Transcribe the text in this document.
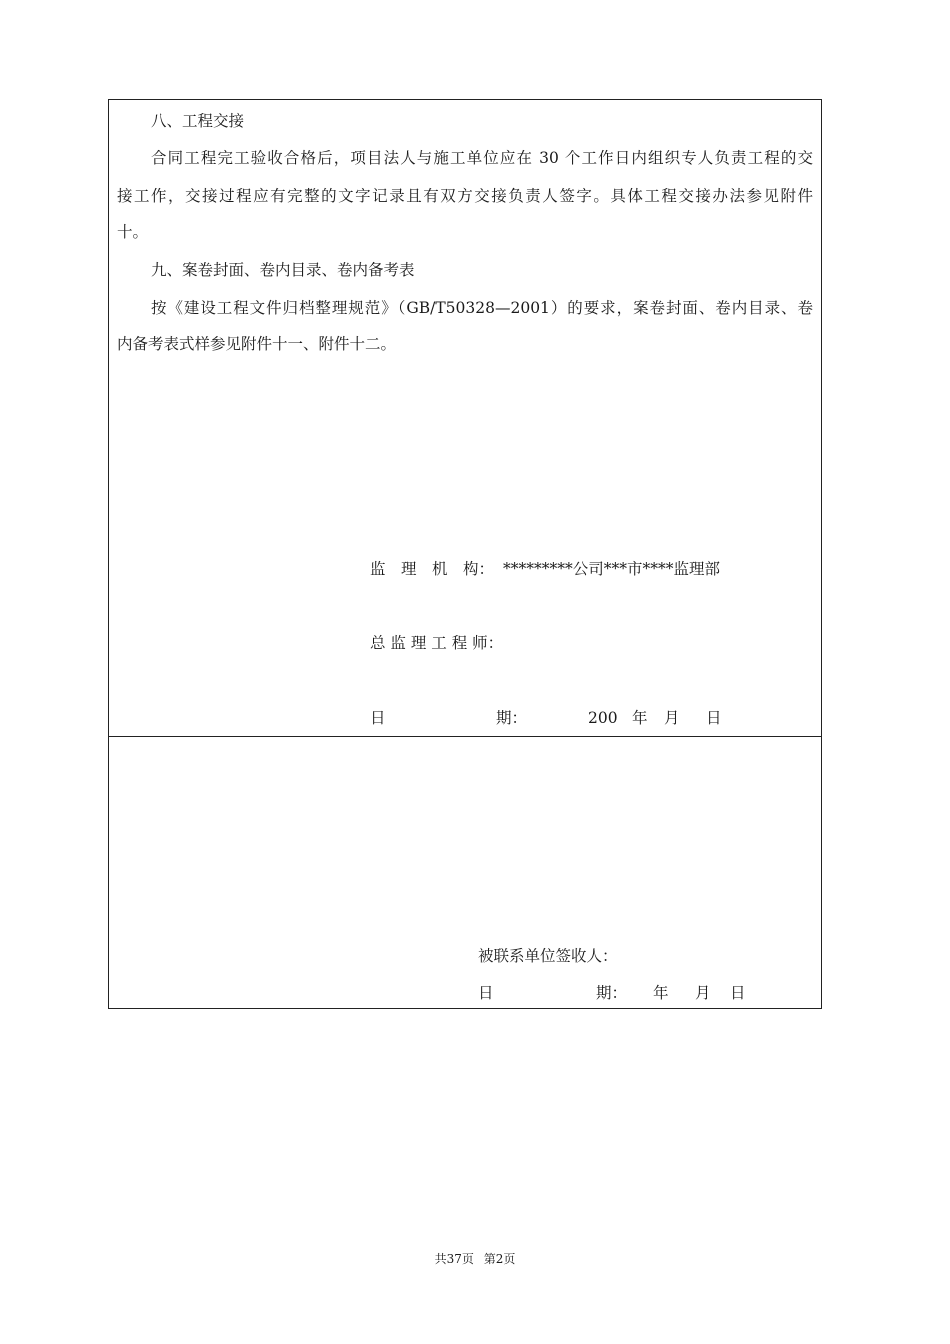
八、工程交接
合同工程完工验收合格后，项目法人与施工单位应在 30 个工作日内组织专人负责工程的交
接工作，交接过程应有完整的文字记录且有双方交接负责人签字。具体工程交接办法参见附件
十。
九、案卷封面、卷内目录、卷内备考表
按《建设工程文件归档整理规范》（GB/T50328—2001）的要求，案卷封面、卷内目录、卷
内备考表式样参见附件十一、附件十二。
监　理　机　构： *********公司***市****监理部
总 监 理 工 程 师：
日	期：	200 年 月 日
被联系单位签收人：
日	期： 年 月 日
共37页 第2页
